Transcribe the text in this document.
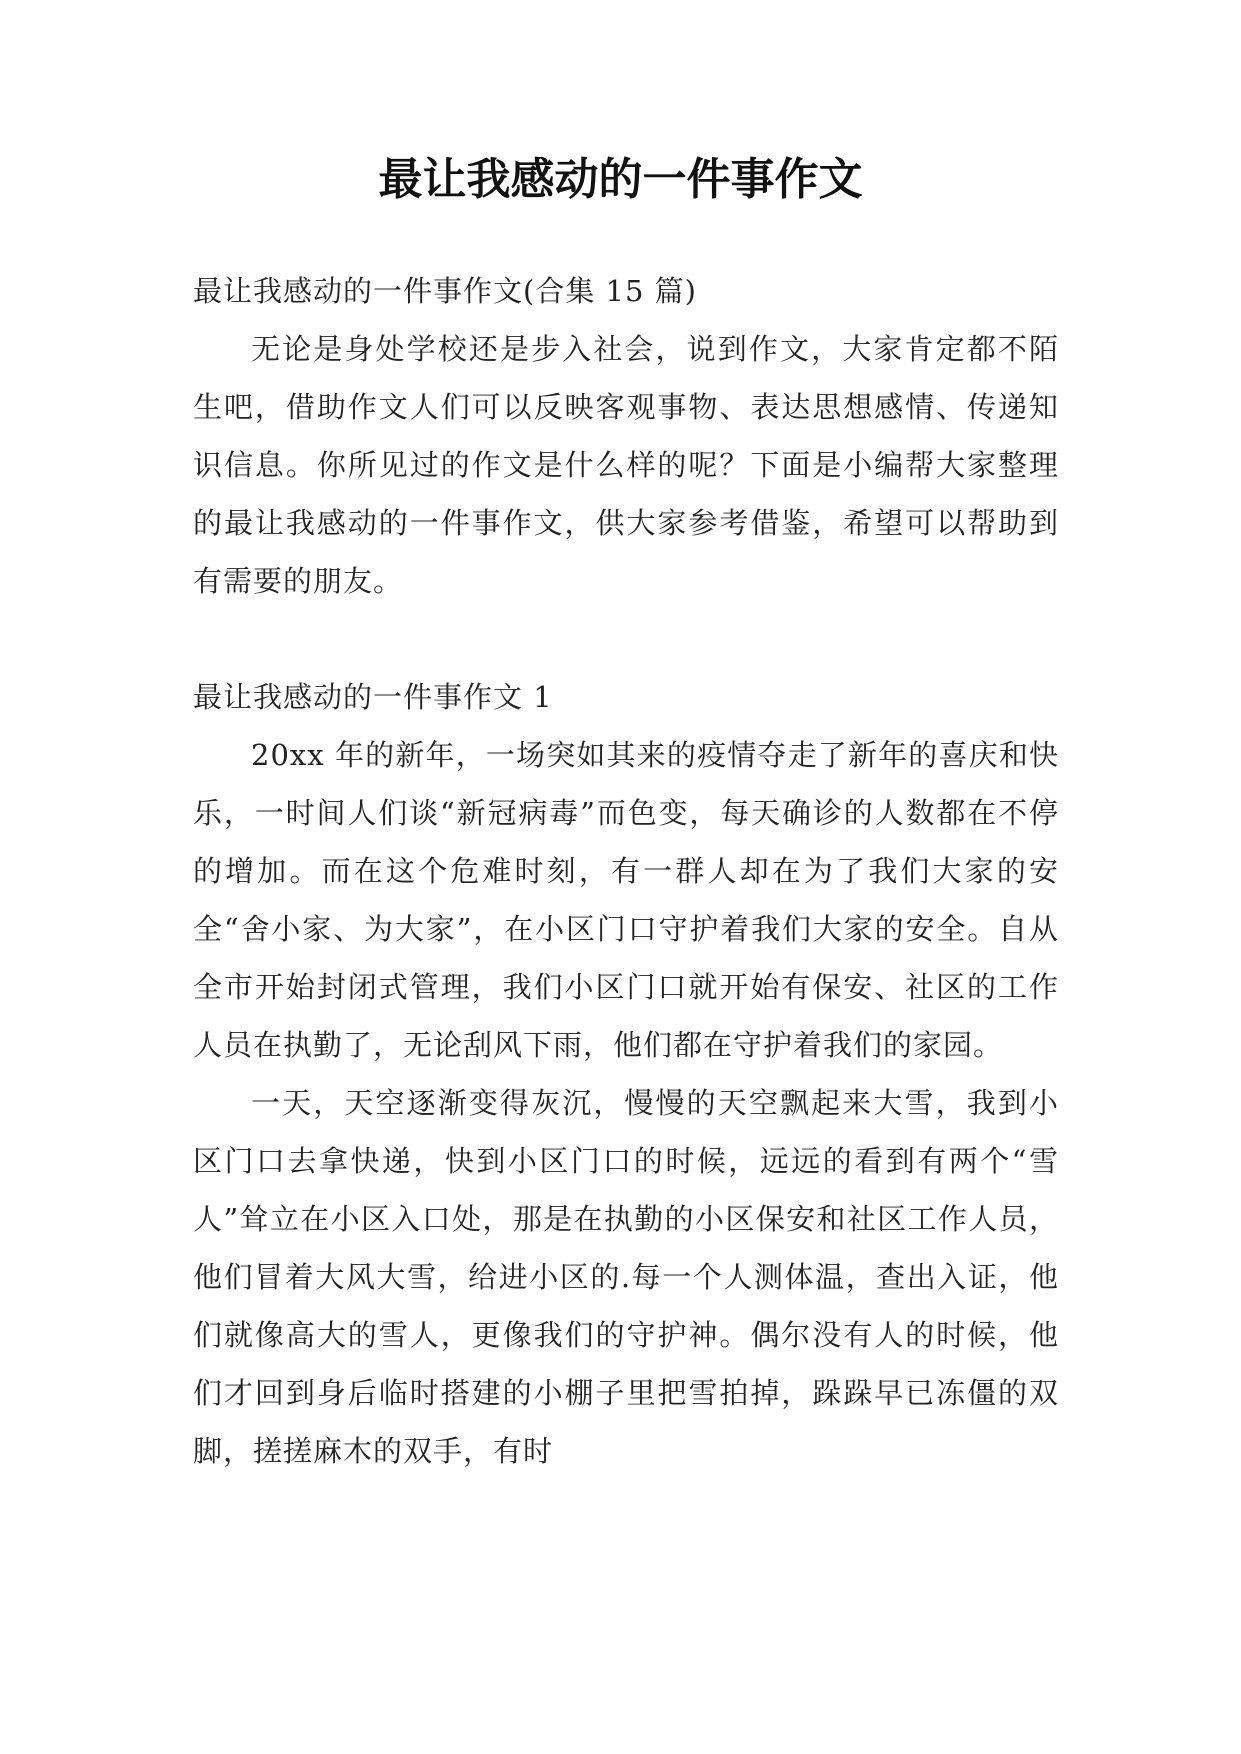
最让我感动的一件事作文

最让我感动的一件事作文(合集 15 篇)

无论是身处学校还是步入社会，说到作文，大家肯定都不陌生吧，借助作文人们可以反映客观事物、表达思想感情、传递知识信息。你所见过的作文是什么样的呢？下面是小编帮大家整理的最让我感动的一件事作文，供大家参考借鉴，希望可以帮助到有需要的朋友。

最让我感动的一件事作文 1

20xx 年的新年，一场突如其来的疫情夺走了新年的喜庆和快乐，一时间人们谈“新冠病毒”而色变，每天确诊的人数都在不停的增加。而在这个危难时刻，有一群人却在为了我们大家的安全“舍小家、为大家”，在小区门口守护着我们大家的安全。自从全市开始封闭式管理，我们小区门口就开始有保安、社区的工作人员在执勤了，无论刮风下雨，他们都在守护着我们的家园。

一天，天空逐渐变得灰沉，慢慢的天空飘起来大雪，我到小区门口去拿快递，快到小区门口的时候，远远的看到有两个“雪人”耸立在小区入口处，那是在执勤的小区保安和社区工作人员，他们冒着大风大雪，给进小区的.每一个人测体温，查出入证，他们就像高大的雪人，更像我们的守护神。偶尔没有人的时候，他们才回到身后临时搭建的小棚子里把雪拍掉，跺跺早已冻僵的双脚，搓搓麻木的双手，有时
